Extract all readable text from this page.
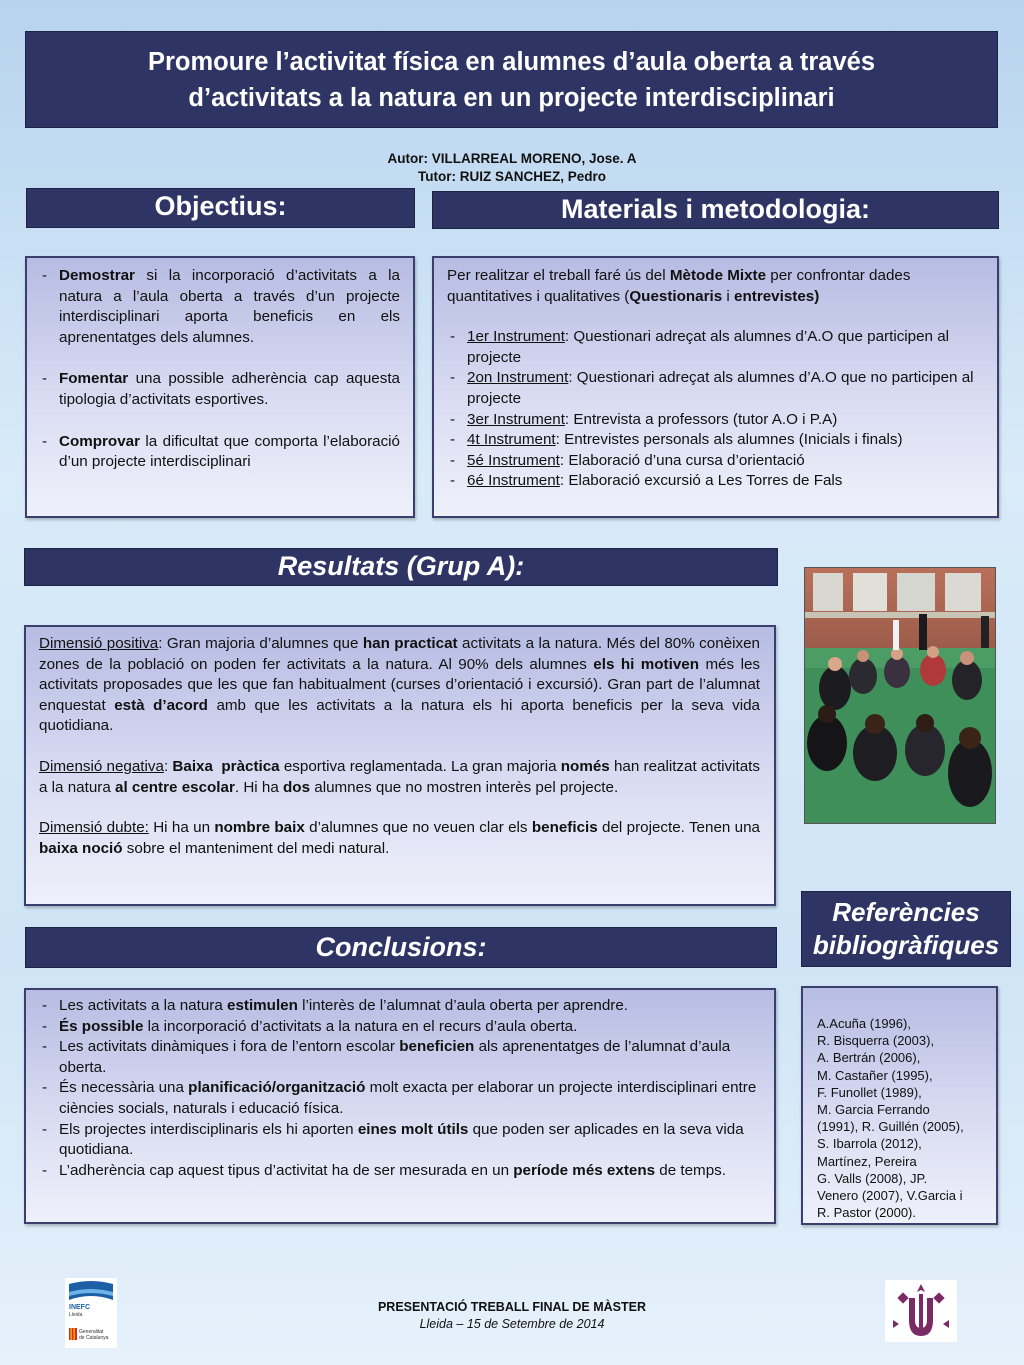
Promoure l’activitat física en alumnes d’aula oberta a través
d’activitats a la natura en un projecte interdisciplinari
Autor: VILLARREAL MORENO, Jose. A
Tutor: RUIZ SANCHEZ, Pedro
Objectius:	Materials i metodologia:
- Demostrar si la incorporació d’activitats a la natura a l’aula oberta a través d’un projecte interdisciplinari aporta beneficis en els aprenentatges dels alumnes.
- Fomentar una possible adherència cap aquesta tipologia d’activitats esportives.
- Comprovar la dificultat que comporta l’elaboració d’un projecte interdisciplinari

Per realitzar el treball faré ús del Mètode Mixte per confrontar dades quantitatives i qualitatives (Questionaris i entrevistes)

- 1er Instrument: Questionari adreçat als alumnes d’A.O que participen al projecte
- 2on Instrument: Questionari adreçat als alumnes d’A.O que no participen al projecte
- 3er Instrument: Entrevista a professors (tutor A.O i P.A)
- 4t Instrument: Entrevistes personals als alumnes (Inicials i finals)
- 5é Instrument: Elaboració d’una cursa d’orientació
- 6é Instrument: Elaboració excursió a Les Torres de Fals
Resultats (Grup A):

Dimensió positiva: Gran majoria d’alumnes que han practicat activitats a la natura. Més del 80% conèixen zones de la població on poden fer activitats a la natura. Al 90% dels alumnes els hi motiven més les activitats proposades que les que fan habitualment (curses d’orientació i excursió). Gran part de l’alumnat enquestat està d’acord amb que les activitats a la natura els hi aporta beneficis per la seva vida quotidiana.

Dimensió negativa: Baixa  pràctica esportiva reglamentada. La gran majoria només han realitzat activitats a la natura al centre escolar. Hi ha dos alumnes que no mostren interès pel projecte.

Dimensió dubte: Hi ha un nombre baix d’alumnes que no veuen clar els beneficis del projecte. Tenen una baixa noció sobre el manteniment del medi natural.

Referències
bibliogràfiques
Conclusions:
- Les activitats a la natura estimulen l’interès de l’alumnat d’aula oberta per aprendre.
- És possible la incorporació d’activitats a la natura en el recurs d’aula oberta.
- Les activitats dinàmiques i fora de l’entorn escolar beneficien als aprenentatges de l’alumnat d’aula oberta.
- És necessària una planificació/organització molt exacta per elaborar un projecte interdisciplinari entre ciències socials, naturals i educació física.
- Els projectes interdisciplinaris els hi aporten eines molt útils que poden ser aplicades en la seva vida quotidiana.
- L’adherència cap aquest tipus d’activitat ha de ser mesurada en un període més extens de temps.
A.Acuña (1996),
R. Bisquerra (2003),
A. Bertrán (2006),
M. Castañer (1995),
F. Funollet (1989),
M. Garcia Ferrando
(1991), R. Guillén (2005),
S. Ibarrola (2012),
Martínez, Pereira
G. Valls (2008), JP.
Venero (2007), V.Garcia i
R. Pastor (2000).
INEFC
Lleida
Generalitat
de Catalunya
PRESENTACIÓ TREBALL FINAL DE MÀSTER
Lleida – 15 de Setembre de 2014
